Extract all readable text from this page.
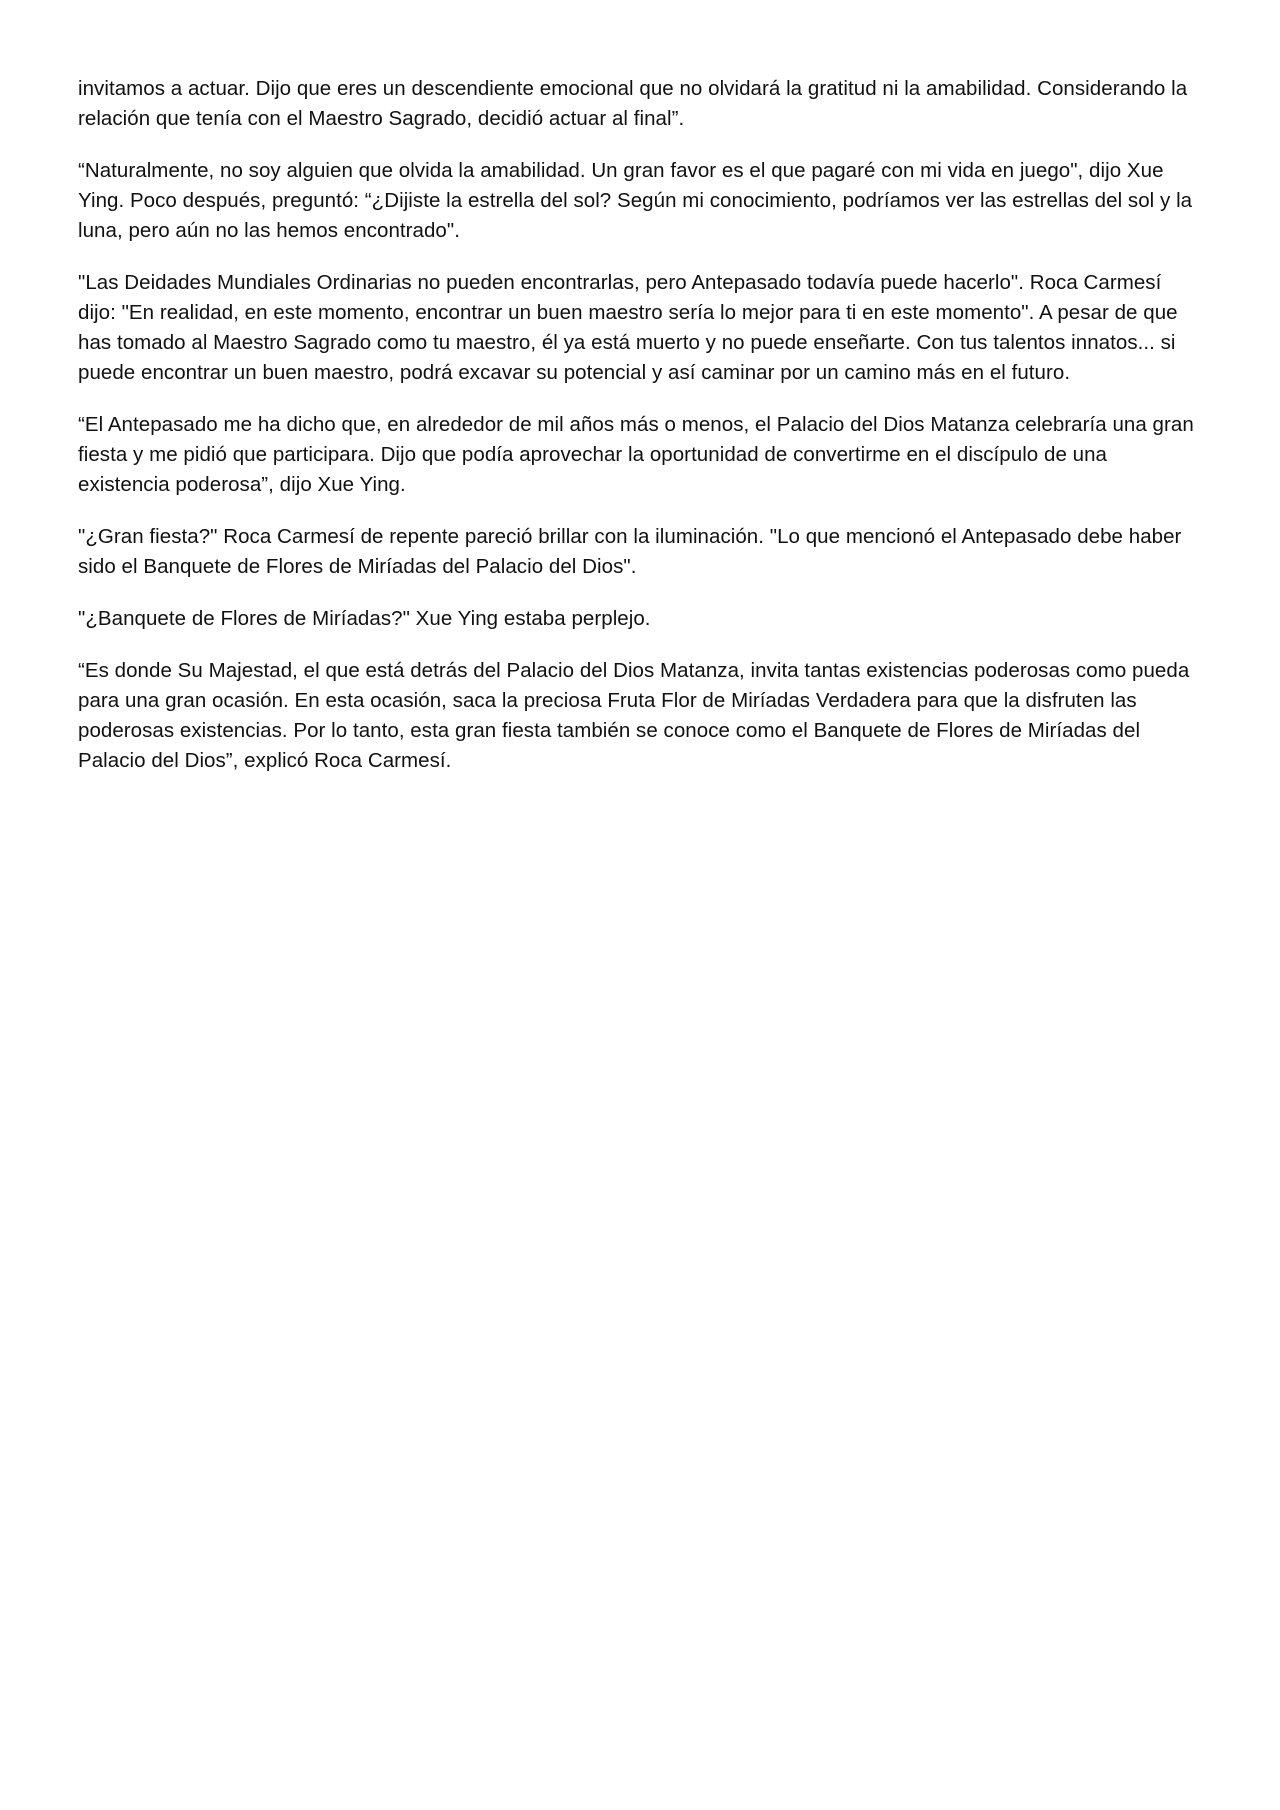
invitamos a actuar. Dijo que eres un descendiente emocional que no olvidará la gratitud ni la amabilidad. Considerando la relación que tenía con el Maestro Sagrado, decidió actuar al final”.

“Naturalmente, no soy alguien que olvida la amabilidad. Un gran favor es el que pagaré con mi vida en juego", dijo Xue Ying. Poco después, preguntó: “¿Dijiste la estrella del sol? Según mi conocimiento, podríamos ver las estrellas del sol y la luna, pero aún no las hemos encontrado".

"Las Deidades Mundiales Ordinarias no pueden encontrarlas, pero Antepasado todavía puede hacerlo". Roca Carmesí dijo: "En realidad, en este momento, encontrar un buen maestro sería lo mejor para ti en este momento". A pesar de que has tomado al Maestro Sagrado como tu maestro, él ya está muerto y no puede enseñarte. Con tus talentos innatos... si puede encontrar un buen maestro, podrá excavar su potencial y así caminar por un camino más en el futuro.

“El Antepasado me ha dicho que, en alrededor de mil años más o menos, el Palacio del Dios Matanza celebraría una gran fiesta y me pidió que participara. Dijo que podía aprovechar la oportunidad de convertirme en el discípulo de una existencia poderosa”, dijo Xue Ying.

"¿Gran fiesta?" Roca Carmesí de repente pareció brillar con la iluminación. "Lo que mencionó el Antepasado debe haber sido el Banquete de Flores de Miríadas del Palacio del Dios".

"¿Banquete de Flores de Miríadas?" Xue Ying estaba perplejo.

“Es donde Su Majestad, el que está detrás del Palacio del Dios Matanza, invita tantas existencias poderosas como pueda para una gran ocasión. En esta ocasión, saca la preciosa Fruta Flor de Miríadas Verdadera para que la disfruten las poderosas existencias. Por lo tanto, esta gran fiesta también se conoce como el Banquete de Flores de Miríadas del Palacio del Dios”, explicó Roca Carmesí.
